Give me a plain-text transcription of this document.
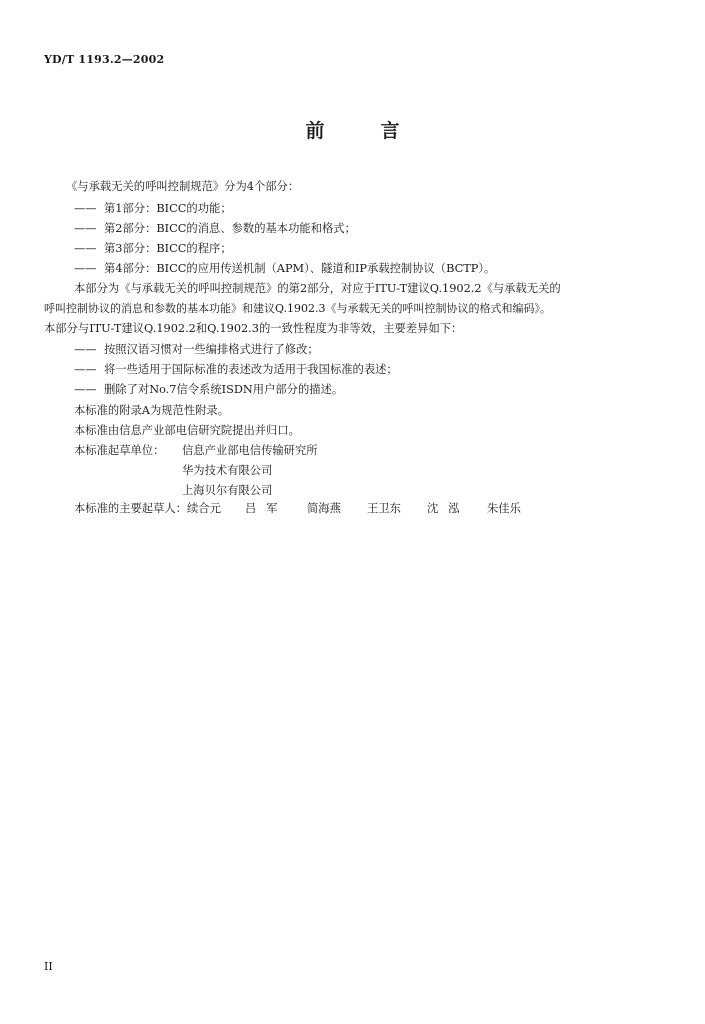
YD/T 1193.2—2002
前言
《与承载无关的呼叫控制规范》分为4个部分：
—— 第1部分：BICC的功能；
—— 第2部分：BICC的消息、参数的基本功能和格式；
—— 第3部分：BICC的程序；
—— 第4部分：BICC的应用传送机制（APM）、隧道和IP承载控制协议（BCTP）。
本部分为《与承载无关的呼叫控制规范》的第2部分，对应于ITU-T建议Q.1902.2《与承载无关的
呼叫控制协议的消息和参数的基本功能》和建议Q.1902.3《与承载无关的呼叫控制协议的格式和编码》。
本部分与ITU-T建议Q.1902.2和Q.1902.3的一致性程度为非等效，主要差异如下：
—— 按照汉语习惯对一些编排格式进行了修改；
—— 将一些适用于国际标准的表述改为适用于我国标准的表述；
—— 删除了对No.7信令系统ISDN用户部分的描述。
本标准的附录A为规范性附录。
本标准由信息产业部电信研究院提出并归口。
本标准起草单位： 信息产业部电信传输研究所
华为技术有限公司
上海贝尔有限公司
本标准的主要起草人：续合元 吕军 简海燕 王卫东 沈泓 朱佳乐
II
